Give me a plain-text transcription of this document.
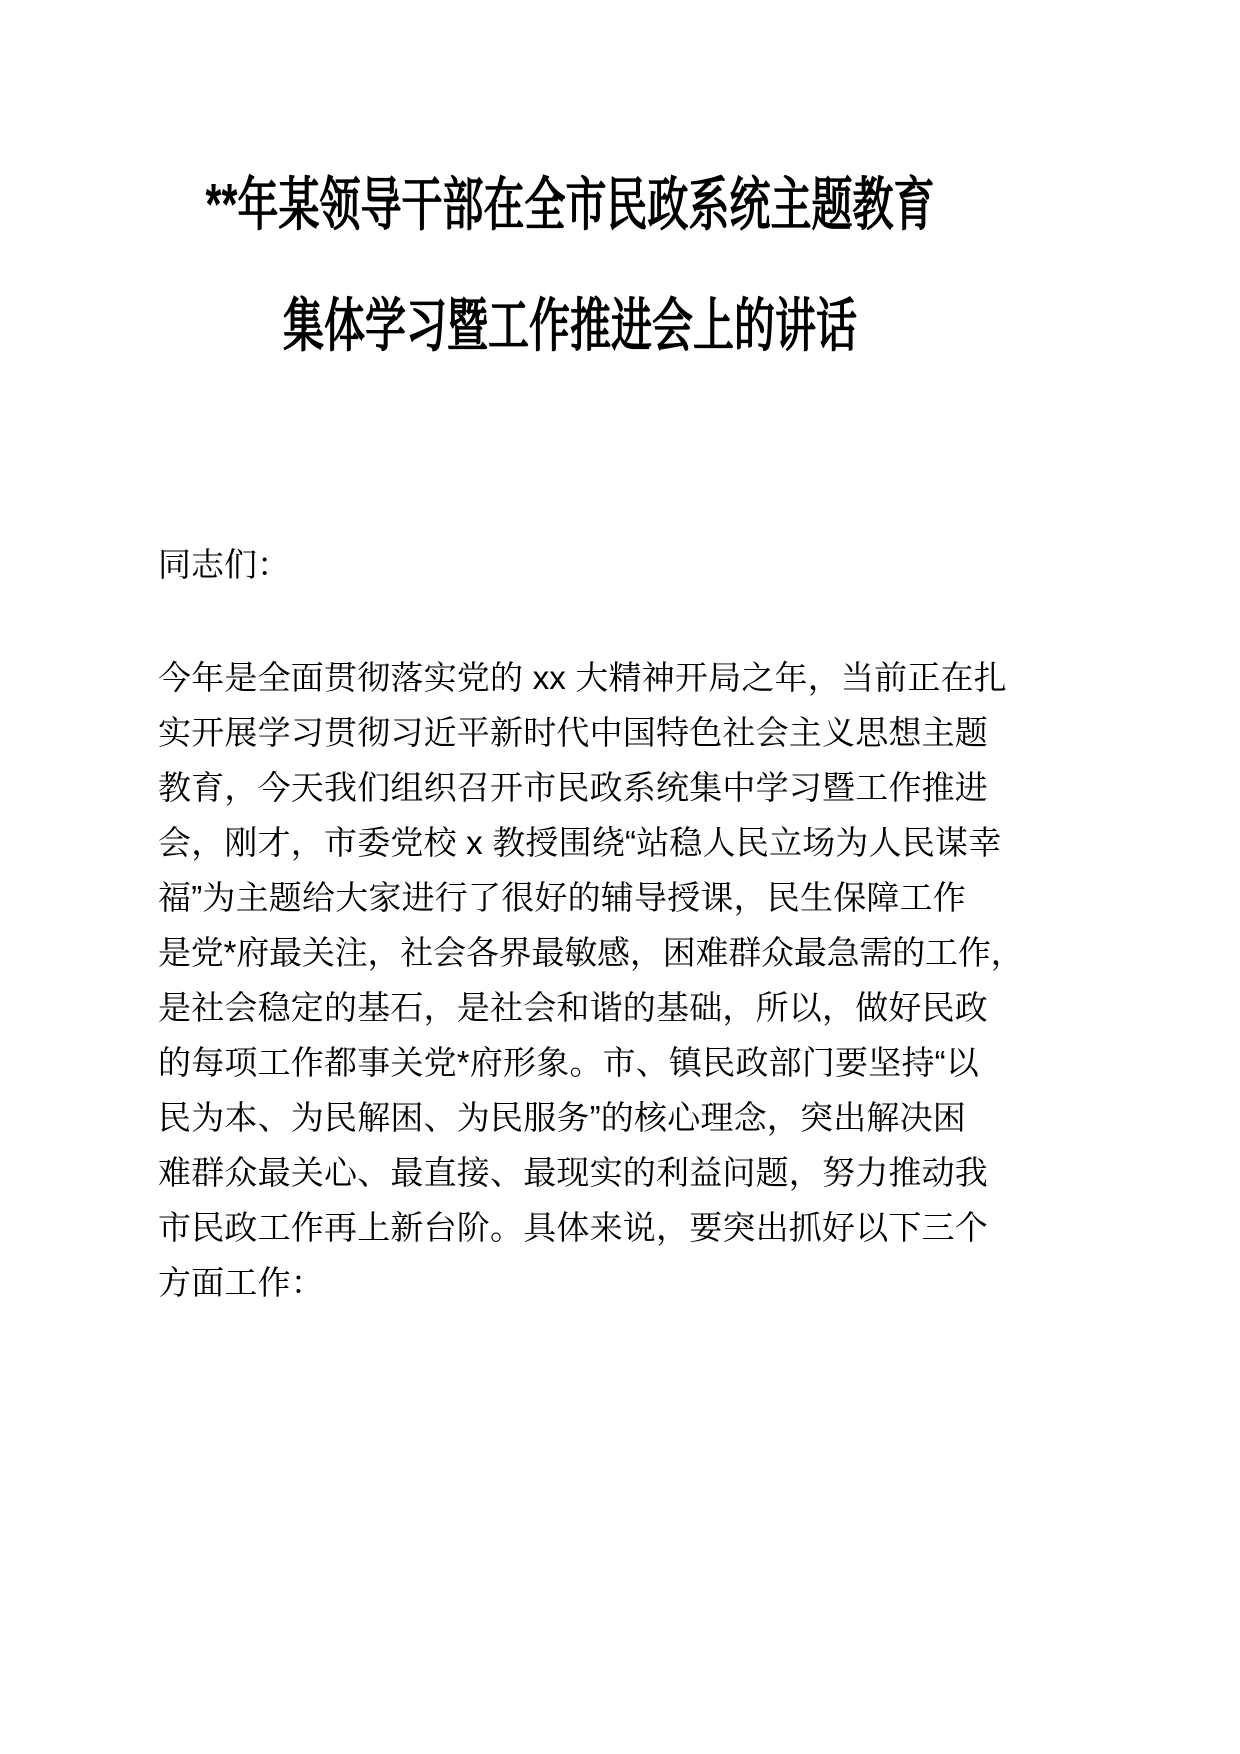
**年某领导干部在全市民政系统主题教育
集体学习暨工作推进会上的讲话

同志们：

今年是全面贯彻落实党的 xx 大精神开局之年，当前正在扎
实开展学习贯彻习近平新时代中国特色社会主义思想主题
教育，今天我们组织召开市民政系统集中学习暨工作推进
会，刚才，市委党校 x 教授围绕“站稳人民立场为人民谋幸
福”为主题给大家进行了很好的辅导授课，民生保障工作
是党*府最关注，社会各界最敏感，困难群众最急需的工作，
是社会稳定的基石，是社会和谐的基础，所以，做好民政
的每项工作都事关党*府形象。市、镇民政部门要坚持“以
民为本、为民解困、为民服务”的核心理念，突出解决困
难群众最关心、最直接、最现实的利益问题，努力推动我
市民政工作再上新台阶。具体来说，要突出抓好以下三个
方面工作：
